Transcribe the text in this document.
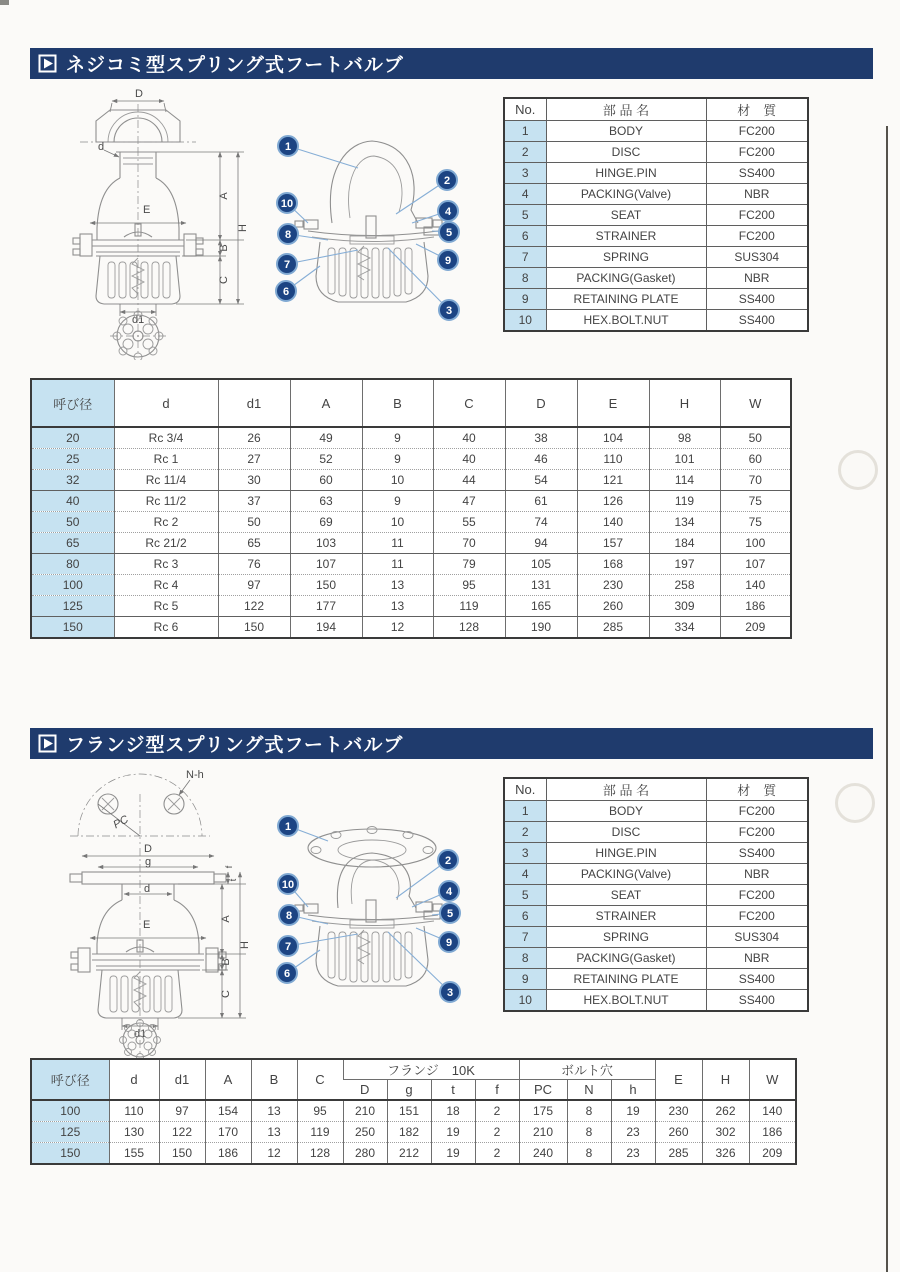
ネジコミ型スプリング式フートバルブ
D
d
E
d1
A
B
C
H
1
2
3
4
5
6
7
8
9
10
No.	部 品 名	材　質
1	BODY	FC200
2	DISC	FC200
3	HINGE.PIN	SS400
4	PACKING(Valve)	NBR
5	SEAT	FC200
6	STRAINER	FC200
7	SPRING	SUS304
8	PACKING(Gasket)	NBR
9	RETAINING PLATE	SS400
10	HEX.BOLT.NUT	SS400
呼び径	d	d1	A	B	C	D	E	H	W
20	Rc 3/4	26	49	9	40	38	104	98	50
25	Rc 1	27	52	9	40	46	110	101	60
32	Rc 11/4	30	60	10	44	54	121	114	70
40	Rc 11/2	37	63	9	47	61	126	119	75
50	Rc 2	50	69	10	55	74	140	134	75
65	Rc 21/2	65	103	11	70	94	157	184	100
80	Rc 3	76	107	11	79	105	168	197	107
100	Rc 4	97	150	13	95	131	230	258	140
125	Rc 5	122	177	13	119	165	260	309	186
150	Rc 6	150	194	12	128	190	285	334	209
フランジ型スプリング式フートバルブ
N-h
PC
D
g	f
t
d
E
d1
A
B
C
H
1
2
3
4
5
6
7
8
9
10
No.	部 品 名	材　質
1	BODY	FC200
2	DISC	FC200
3	HINGE.PIN	SS400
4	PACKING(Valve)	NBR
5	SEAT	FC200
6	STRAINER	FC200
7	SPRING	SUS304
8	PACKING(Gasket)	NBR
9	RETAINING PLATE	SS400
10	HEX.BOLT.NUT	SS400
呼び径	d	d1	A	B	C	フランジ　10K				ボルト穴			E	H	W
						D	g	t	f	PC	N	h			
100	110	97	154	13	95	210	151	18	2	175	8	19	230	262	140
125	130	122	170	13	119	250	182	19	2	210	8	23	260	302	186
150	155	150	186	12	128	280	212	19	2	240	8	23	285	326	209
